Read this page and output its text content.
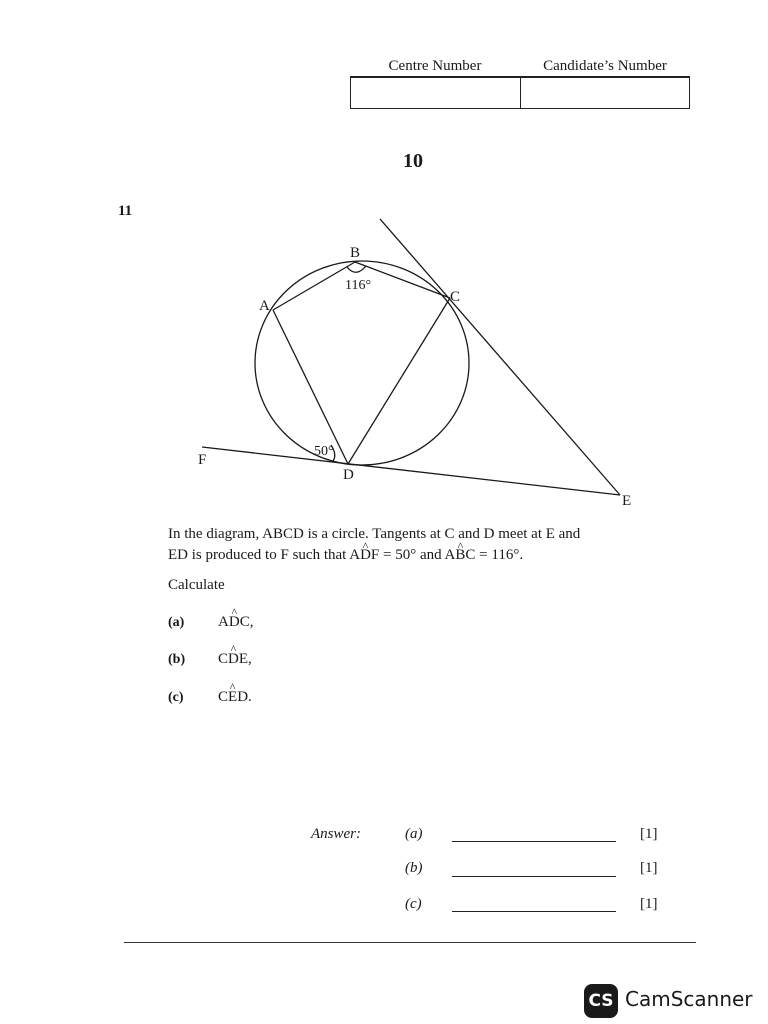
Centre Number	Candidate’s Number
10
11
B
A
C
D
E
F
116°
50°
In the diagram, ABCD is a circle. Tangents at C and D meet at E and
ED is produced to F such that A^ DF = 50° and A^ BC = 116°.
Calculate
(a) A^ DC,
(b) C^ DE,
(c) C^ ED.
Answer:	(a)	[1]
(b)	[1]
(c)	[1]
CS CamScanner
